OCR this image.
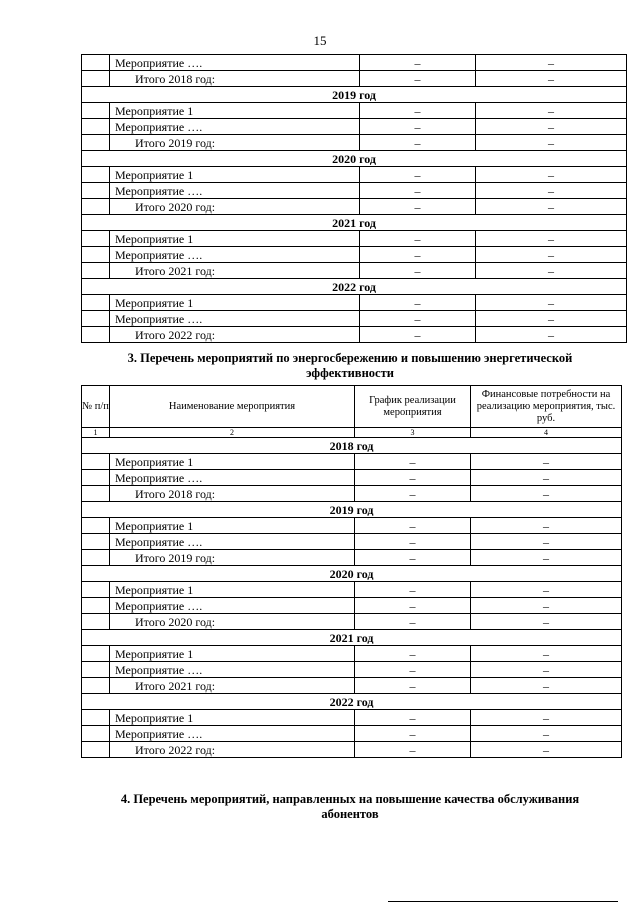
15
	Мероприятие ….	–	–
	Итого 2018 год:	–	–
2019 год			
	Мероприятие 1	–	–
	Мероприятие ….	–	–
	Итого 2019 год:	–	–
2020 год			
	Мероприятие 1	–	–
	Мероприятие ….	–	–
	Итого 2020 год:	–	–
2021 год			
	Мероприятие 1	–	–
	Мероприятие ….	–	–
	Итого 2021 год:	–	–
2022 год			
	Мероприятие 1	–	–
	Мероприятие ….	–	–
	Итого 2022 год:	–	–
3. Перечень мероприятий по энергосбережению и повышению энергетической
эффективности
№ п/п	Наименование мероприятия	График реализации мероприятия	Финансовые потребности на реализацию мероприятия, тыс. руб.
1	2	3	4
2018 год			
	Мероприятие 1	–	–
	Мероприятие ….	–	–
	Итого 2018 год:	–	–
2019 год			
	Мероприятие 1	–	–
	Мероприятие ….	–	–
	Итого 2019 год:	–	–
2020 год			
	Мероприятие 1	–	–
	Мероприятие ….	–	–
	Итого 2020 год:	–	–
2021 год			
	Мероприятие 1	–	–
	Мероприятие ….	–	–
	Итого 2021 год:	–	–
2022 год			
	Мероприятие 1	–	–
	Мероприятие ….	–	–
	Итого 2022 год:	–	–
4. Перечень мероприятий, направленных на повышение качества обслуживания
абонентов
